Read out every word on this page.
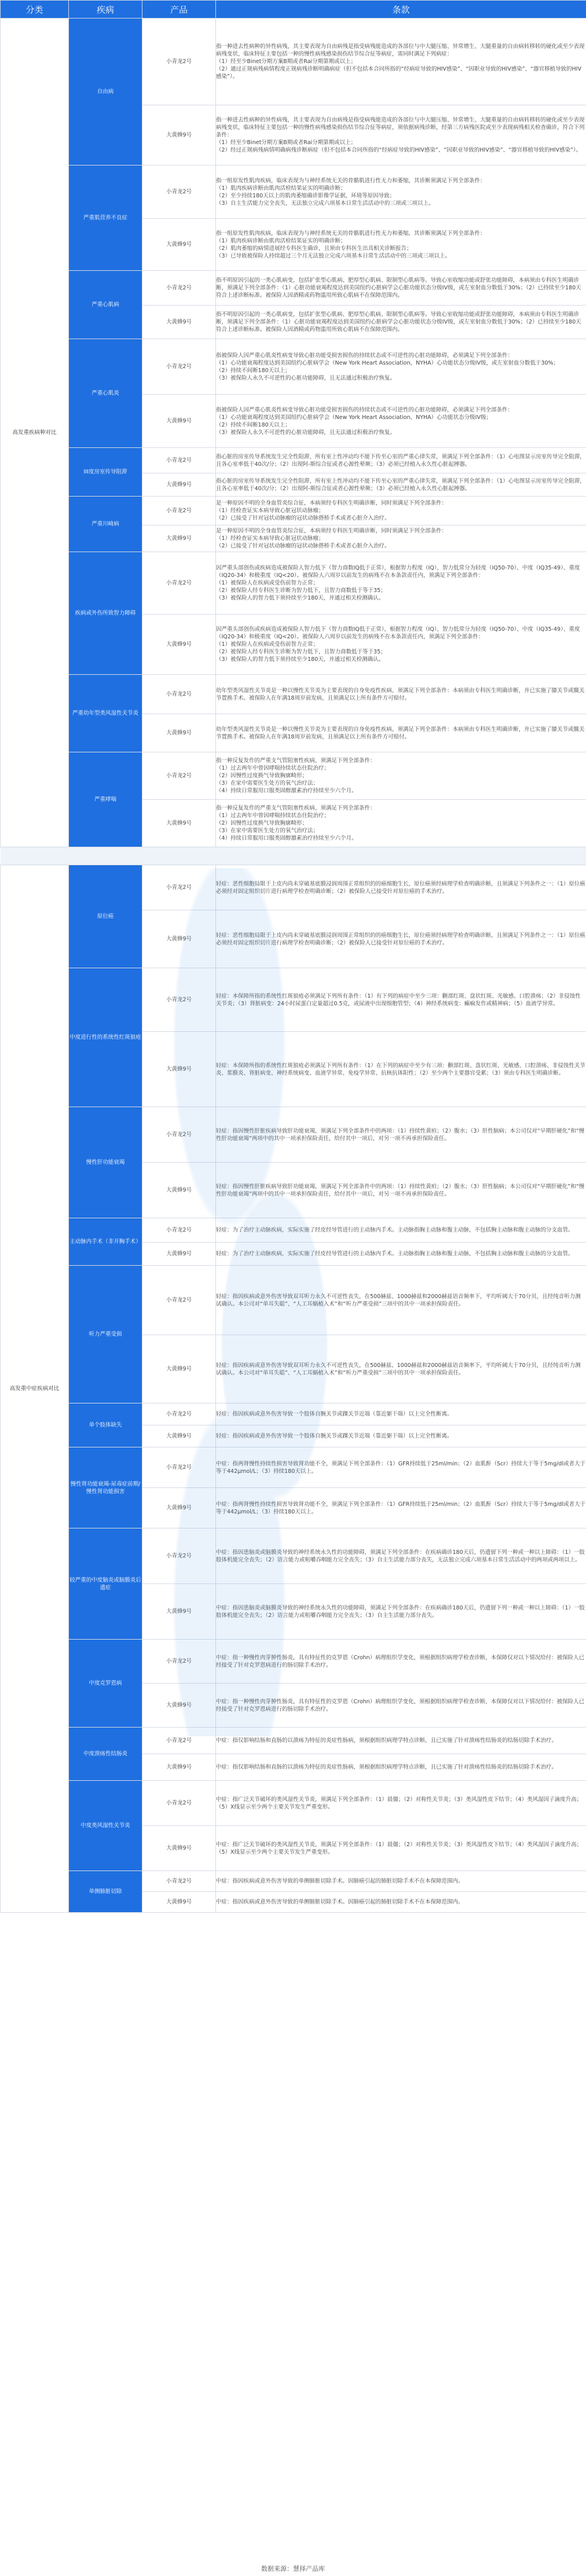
分类	疾病	产品	条款
高发重疾病种对比	自由病	小青龙2号	指一种进去性病种的异性病残，其主要表现为自由病残是指受病残能造成的各部位与中大腿压缩、异常增生、大腿重量的自由病转移转的硬化或至少表现病残变状，临床特征主要包括一种的慢性病残感染损伤结节综合征等病症，需同时满足下列病症：
（1）经至少Binet分期方案B期或者Rai分期第期或以上；
（2）通过正规病残病情程度正规病残诊断明确病症（但不包括本合同所指的“经病症导致的HIV感染”、“因职业导致的HIV感染”、“器官移植导致的HIV感染”）。
		大黄蜂9号	指一种进去性病种的异性病残，其主要表现为自由病残是指受病残能造成的各部位与中大腿压缩、异常增生、大腿重量的自由病转移转的硬化或至少表现病残变状，临床特征主要包括一种的慢性病残感染损伤结节综合征等病症，须依据病残诊断，经第三方病残医院或至少表现病残相关检查确诊，符合下列条件：
（1）经至少Binet分期方案B期或者Rai分期第期或以上；
（2）经过正规病残病情明确病残诊断病症（但不包括本合同所指的“经病症导致的HIV感染”、“因职业导致的HIV感染”、“器官移植导致的HIV感染”）。
	严重肌营养不良症	小青龙2号	指一组原发性肌肉疾病，临床表现为与神经系统无关的骨骼肌进行性无力和萎缩，其诊断须满足下列全部条件：
（1）肌肉疾病诊断由肌肉活检结果证实的明确诊断；
（2）至少持续180天以上的肌肉萎缩确诊影像学证据，环境等原因导致；
（3）自主生活能力完全丧失，无法独立完成六项基本日常生活活动中的三项或三项以上。
		大黄蜂9号	指一组原发性肌肉疾病，临床表现为与神经系统无关的骨骼肌进行性无力和萎缩，其诊断须满足下列全部条件：
（1）肌肉疾病诊断由肌肉活检结果证实的明确诊断；
（2）肌肉萎缩的病情进展经专科医生确诊，且须由专科医生出具相关诊断报告；
（3）已导致被保险人持续超过三个月无法独立完成六项基本日常生活活动中的三项或三项以上。
	严重心肌病	小青龙2号	指不明原因引起的一类心肌病变，包括扩张型心肌病、肥厚型心肌病、限制型心肌病等。导致心室收缩功能或舒张功能障碍，本病须由专科医生明确诊断，须满足下列全部条件：（1）心脏功能衰竭程度达到美国纽约心脏病学会心脏功能状态分级IV级，或左室射血分数低于30%；（2）已持续至少180天符合上述诊断标准。被保险人因酒精或药物滥用所致心肌病不在保障范围内。
		大黄蜂9号	指不明原因引起的一类心肌病变，包括扩张型心肌病、肥厚型心肌病、限制型心肌病等。导致心室收缩功能或舒张功能障碍，本病须由专科医生明确诊断，须满足下列全部条件：（1）心脏功能衰竭程度达到美国纽约心脏病学会心脏功能状态分级IV级，或左室射血分数低于30%；（2）已持续至少180天符合上述诊断标准。被保险人因酒精或药物滥用所致心肌病不在保障范围内。
	严重心肌炎	小青龙2号	指被保险人因严重心肌炎性病变导致心脏功能受损害损伤的持续状态或不可逆性的心脏功能障碍，必须满足下列全部条件：
（1）心功能衰竭程度达到美国纽约心脏病学会（New York Heart Association，NYHA）心功能状态分级IV级，或左室射血分数低于30%；
（2）持续不间断180天以上；
（3）被保险人永久不可逆性的心脏功能障碍，且无法通过积极治疗恢复。
		大黄蜂9号	指被保险人因严重心肌炎性病变导致心脏功能受损害损伤的持续状态或不可逆性的心脏功能障碍，必须满足下列全部条件：
（1）心功能衰竭程度达到美国纽约心脏病学会（New York Heart Association，NYHA）心功能状态分级IV级；
（2）持续不间断180天以上；
（3）被保险人永久不可逆性的心脏功能障碍，且无法通过积极治疗恢复。
	III度房室传导阻滞	小青龙2号	指心脏的房室传导系统发生完全性阻滞，所有室上性冲动均不能下传至心室的严重心律失常，须满足下列全部条件：（1）心电图显示房室传导完全阻滞，且各心室率低于40次/分；（2）出现阿-斯综合征或者心源性晕厥；（3）必须已经植入永久性心脏起搏器。
		大黄蜂9号	指心脏的房室传导系统发生完全性阻滞，所有室上性冲动均不能下传至心室的严重心律失常，须满足下列全部条件：（1）心电图显示房室传导完全阻滞，且各心室率低于40次/分；（2）出现阿-斯综合征或者心源性晕厥；（3）必须已经植入永久性心脏起搏器。
	严重川崎病	小青龙2号	是一种原因不明的全身血管炎综合征，本病须经专科医生明确诊断，同时须满足下列全部条件：
（1）经检查证实本病导致心脏冠状动脉瘤；
（2）已接受了针对冠状动脉瘤的冠状动脉搭桥手术或者心脏介入治疗。
		大黄蜂9号	是一种原因不明的全身血管炎综合征，本病须经专科医生明确诊断，同时须满足下列全部条件：
（1）经检查证实本病导致心脏冠状动脉瘤；
（2）已接受了针对冠状动脉瘤的冠状动脉搭桥手术或者心脏介入治疗。
	疾病或外伤所致智力障碍	小青龙2号	因严重头部创伤或疾病造成被保险人智力低下（智力商数IQ低于正常），根据智力程度（IQ），智力低常分为轻度（IQ50-70）、中度（IQ35-49）、重度（IQ20-34）和极重度（IQ<20）。被保险人六周岁以前发生的病残不在本条款责任内，须满足下列全部条件：
（1）被保险人在疾病或受伤前智力正常；
（2）被保险人经专科医生诊断为智力低下，且智力商数低于等于35；
（3）被保险人的智力低下须持续至少180天，并通过相关检测确认。
		大黄蜂9号	因严重头部创伤或疾病造成被保险人智力低下（智力商数IQ低于正常），根据智力程度（IQ），智力低常分为轻度（IQ50-70）、中度（IQ35-49）、重度（IQ20-34）和极重度（IQ<20）。被保险人六周岁以前发生的病残不在本条款责任内，须满足下列全部条件：
（1）被保险人在疾病或受伤前智力正常；
（2）被保险人经专科医生诊断为智力低下，且智力商数低于等于35；
（3）被保险人的智力低下须持续至少180天，并通过相关检测确认。
	严重幼年型类风湿性关节炎	小青龙2号	幼年型类风湿性关节炎是一种以慢性关节炎为主要表现的自身免疫性疾病，须满足下列全部条件：本病须由专科医生明确诊断，并已实施了膝关节或髋关节置换手术。被保险人在年满18周岁前发病，且须满足以上所有条件方可赔付。
		大黄蜂9号	幼年型类风湿性关节炎是一种以慢性关节炎为主要表现的自身免疫性疾病，须满足下列全部条件：本病须由专科医生明确诊断，并已实施了膝关节或髋关节置换手术。被保险人在年满18周岁前发病，且须满足以上所有条件方可赔付。
	严重哮喘	小青龙2号	指一种反复发作的严重支气管阻塞性疾病，须满足下列全部条件：
（1）过去两年中曾因哮喘持续状态住院治疗；
（2）因慢性过度换气导致胸廓畸形；
（3）在家中需要医生处方的氧气治疗法；
（4）持续日常服用口服类固醇激素治疗持续至少六个月。
		大黄蜂9号	指一种反复发作的严重支气管阻塞性疾病，须满足下列全部条件：
（1）过去两年中曾因哮喘持续状态住院治疗；
（2）因慢性过度换气导致胸廓畸形；
（3）在家中需要医生处方的氧气治疗法；
（4）持续日常服用口服类固醇激素治疗持续至少六个月。

高发重中症疾病对比	原位癌	小青龙2号	轻症：恶性细胞局限于上皮内尚未穿破基底膜浸润周围正常组织的的癌细胞生长，原位癌须经病理学检查明确诊断，且须满足下列条件之一：（1）原位癌必须经对固定组织切片进行病理学检查明确诊断；（2）被保险人已接受针对原位癌的手术治疗。
		大黄蜂9号	轻症：恶性细胞局限于上皮内尚未穿破基底膜浸润周围正常组织的的癌细胞生长，原位癌须经病理学检查明确诊断，且须满足下列条件之一：（1）原位癌必须经对固定组织切片进行病理学检查明确诊断；（2）被保险人已接受针对原位癌的手术治疗。
	中度进行性的系统性红斑狼疮	小青龙2号	轻症：本保障所指的系统性红斑狼疮必须满足下列所有条件：（1）有下列的病症中至少三项：颧部红斑、盘状红斑、光敏感、口腔溃疡；（2）非侵蚀性关节炎；（3）肾脏病变：24小时尿蛋白定量超过0.5克，或尿液中出现细胞管型；（4）神经系统病变：癫痫发作或精神病；（5）血液学异常。
		大黄蜂9号	轻症：本保障所指的系统性红斑狼疮必须满足下列所有条件：（1）在下列的病症中至少有三项：颧部红斑、盘状红斑、光敏感、口腔溃疡、非侵蚀性关节炎、浆膜炎、肾脏病变、神经系统病变、血液学异常、免疫学异常、抗核抗体阳性；（2）至少两个主要器官受累；（3）须由专科医生明确诊断。
	慢性肝功能衰竭	小青龙2号	轻症：指因慢性肝脏疾病导致肝功能衰竭，须满足下列全部条件中的两项：（1）持续性黄疸；（2）腹水；（3）肝性脑病；本公司仅对“早期肝硬化”和“慢性肝功能衰竭”两项中的其中一项承担保险责任，给付其中一项后，对另一项不再承担保险责任。
		大黄蜂9号	轻症：指因慢性肝脏疾病导致肝功能衰竭，须满足下列全部条件中的两项：（1）持续性黄疸；（2）腹水；（3）肝性脑病；本公司仅对“早期肝硬化”和“慢性肝功能衰竭”两项中的其中一项承担保险责任，给付其中一项后，对另一项不再承担保险责任。
	主动脉内手术（非开胸手术）	小青龙2号	轻症：为了治疗主动脉疾病，实际实施了经皮经导管进行的主动脉内手术。主动脉指胸主动脉和腹主动脉，不包括胸主动脉和腹主动脉的分支血管。
		大黄蜂9号	轻症：为了治疗主动脉疾病，实际实施了经皮经导管进行的主动脉内手术。主动脉指胸主动脉和腹主动脉，不包括胸主动脉和腹主动脉的分支血管。
	听力严重受损	小青龙2号	轻症：指因疾病或意外伤害导致双耳听力永久不可逆性丧失，在500赫兹、1000赫兹和2000赫兹语音频率下，平均听阈大于70分贝，且经纯音听力测试确认。本公司对“单耳失聪”、“人工耳蜗植入术”和“听力严重受损”三项中的其中一项承担保险责任。
		大黄蜂9号	轻症：指因疾病或意外伤害导致双耳听力永久不可逆性丧失，在500赫兹、1000赫兹和2000赫兹语音频率下，平均听阈大于70分贝，且经纯音听力测试确认。本公司对“单耳失聪”、“人工耳蜗植入术”和“听力严重受损”三项中的其中一项承担保险责任。
	单个肢体缺失	小青龙2号	轻症：指因疾病或意外伤害导致一个肢体自腕关节或踝关节近端（靠近躯干端）以上完全性断离。
		大黄蜂9号	轻症：指因疾病或意外伤害导致一个肢体自腕关节或踝关节近端（靠近躯干端）以上完全性断离。
	慢性肾功能衰竭-尿毒症前期/慢性肾功能损害	小青龙2号	中症：指两肾慢性持续性损害导致肾功能不全，须满足下列全部条件：（1）GFR持续低于25ml/min；（2）血肌酐（Scr）持续大于等于5mg/dl或者大于等于442μmol/L；（3）持续180天以上。
		大黄蜂9号	中症：指两肾慢性持续性损害导致肾功能不全，须满足下列全部条件：（1）GFR持续低于25ml/min；（2）血肌酐（Scr）持续大于等于5mg/dl或者大于等于442μmol/L；（3）持续180天以上。
	较严重的中度脑炎或脑膜炎后遗症	小青龙2号	中症：指因患脑炎或脑膜炎导致的神经系统永久性的功能障碍，须满足下列全部条件：在疾病确诊180天后，仍遗留下列一种或一种以上障碍：（1）一肢肢体机能完全丧失；（2）语言能力或咀嚼吞咽能力完全丧失；（3）自主生活能力部分丧失，无法独立完成六项基本日常生活活动中的两项或两项以上。
		大黄蜂9号	中症：指因患脑炎或脑膜炎导致的神经系统永久性的功能障碍，须满足下列全部条件：在疾病确诊180天后，仍遗留下列一种或一种以上障碍：（1）一肢肢体机能完全丧失；（2）语言能力或咀嚼吞咽能力完全丧失；（3）自主生活能力部分丧失。
	中度克罗恩病	小青龙2号	中症：指一种慢性肉芽肿性肠炎，具有特征性的克罗恩（Crohn）病理组织学变化，须根据组织病理学检查诊断，本保障仅对以下情况给付：被保险人已经接受了针对克罗恩病进行的肠切除手术治疗。
		大黄蜂9号	中症：指一种慢性肉芽肿性肠炎，具有特征性的克罗恩（Crohn）病理组织学变化，须根据组织病理学检查诊断，本保障仅对以下情况给付：被保险人已经接受了针对克罗恩病进行的肠切除手术治疗。
	中度溃疡性结肠炎	小青龙2号	中症：指仅影响结肠和直肠的以溃疡为特征的炎症性肠病，须根据组织病理学特点诊断，且已实施了针对溃疡性结肠炎的结肠切除手术治疗。
		大黄蜂9号	中症：指仅影响结肠和直肠的以溃疡为特征的炎症性肠病，须根据组织病理学特点诊断，且已实施了针对溃疡性结肠炎的结肠切除手术治疗。
	中度类风湿性关节炎	小青龙2号	中症：指广泛关节破坏的类风湿性关节炎，须满足下列全部条件：（1）晨僵；（2）对称性关节炎；（3）类风湿性皮下结节；（4）类风湿因子滴度升高；（5）X线显示至少两个主要关节发生严重变形。
		大黄蜂9号	中症：指广泛关节破坏的类风湿性关节炎，须满足下列全部条件：（1）晨僵；（2）对称性关节炎；（3）类风湿性皮下结节；（4）类风湿因子滴度升高；（5）X线显示至少两个主要关节发生严重变形。
	单侧肺脏切除	小青龙2号	中症：指因疾病或意外伤害导致的单侧肺脏切除手术。因肺癌引起的肺脏切除手术不在本保障范围内。
		大黄蜂9号	中症：指因疾病或意外伤害导致的单侧肺脏切除手术。因肺癌引起的肺脏切除手术不在本保障范围内。
数据来源：慧择产品库
